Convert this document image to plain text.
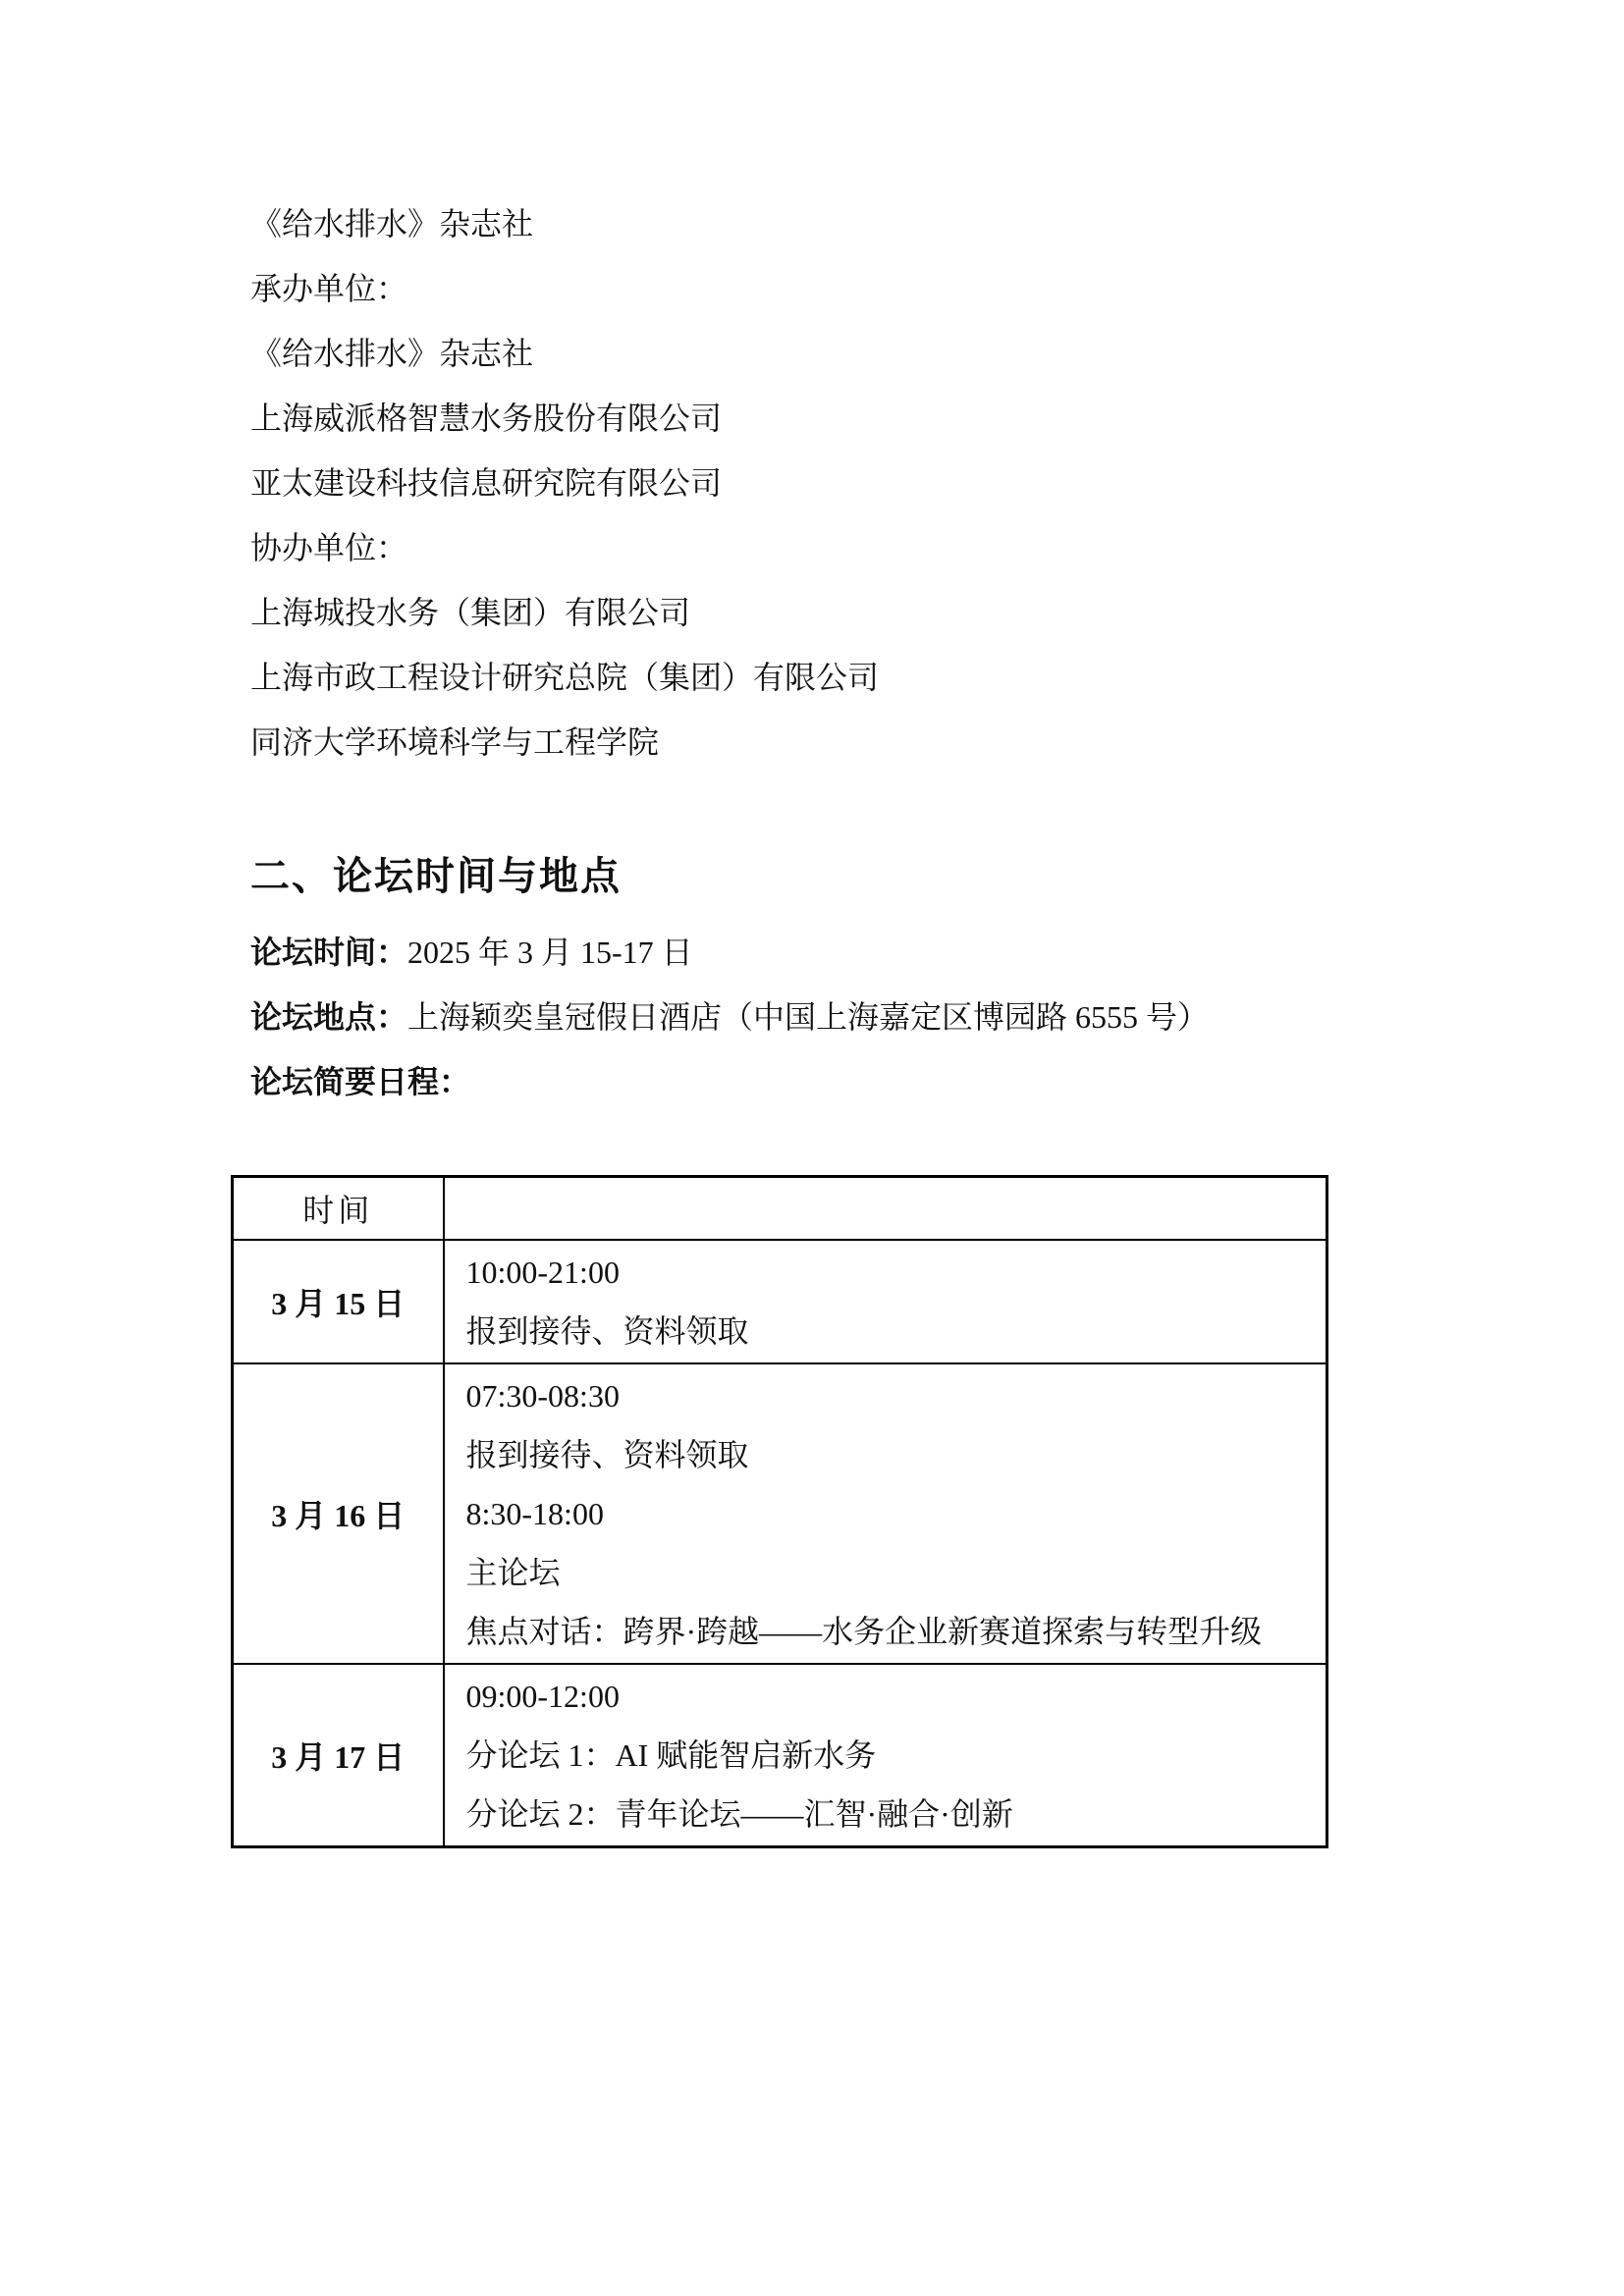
《给水排水》杂志社
承办单位：
《给水排水》杂志社
上海威派格智慧水务股份有限公司
亚太建设科技信息研究院有限公司
协办单位：
上海城投水务（集团）有限公司
上海市政工程设计研究总院（集团）有限公司
同济大学环境科学与工程学院
二、论坛时间与地点
论坛时间：2025 年 3 月 15-17 日
论坛地点：上海颖奕皇冠假日酒店（中国上海嘉定区博园路 6555 号）
论坛简要日程：
时间	
3 月 15 日	10:00-21:00
报到接待、资料领取

3 月 16 日	07:30-08:30
报到接待、资料领取
8:30-18:00
主论坛
焦点对话：跨界·跨越——水务企业新赛道探索与转型升级

3 月 17 日	09:00-12:00
分论坛 1：AI 赋能智启新水务
分论坛 2：青年论坛——汇智·融合·创新
